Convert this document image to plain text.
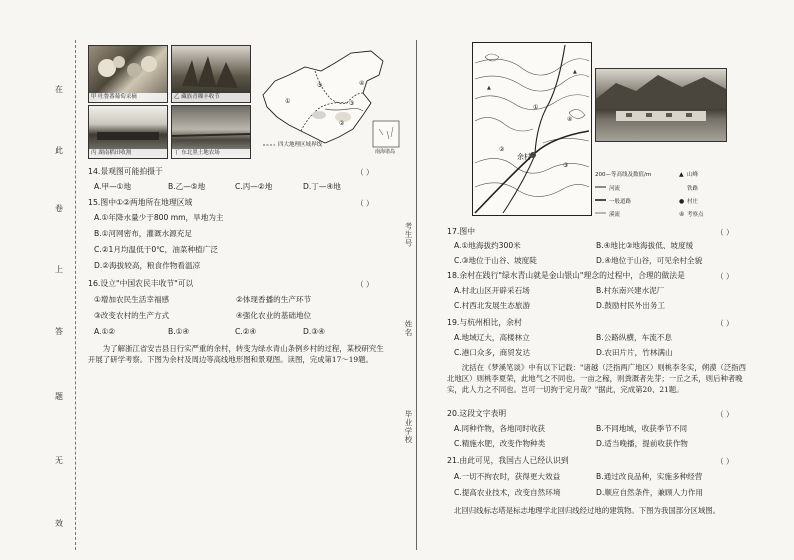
在
此
卷
上
答
题
无
效
考生号
姓名
毕业学校
甲 吐鲁番葡萄采摘	乙 藏族青稞丰收节
丙 湖南稻田收割	丁 东北黑土地农场
①
⑤
②
④
③
四大地理区域界线
南海诸岛
14.景观图可能拍摄于	（ ）
A.甲—①地	B.乙—⑤地	C.丙—②地	D.丁—④地
15.图中①②两地所在地理区域	（ ）
A.①年降水量少于800 mm，旱地为主
B.①河网密布，灌溉水源充足
C.②1月均温低于0℃，油菜种植广泛
D.②海拔较高，粮食作物看温凉
16.设立"中国农民丰收节"可以	（ ）
①增加农民生活幸福感	②体现香播的生产环节
③改变农村的生产方式	④强化农业的基础地位
A.①②	B.①④	C.②④	D.③④
为了解浙江省安吉县日行实严重的余村，转变为绿水青山条例乡村的过程，某校研究生开展了研学考察。下图为余村及周边等高线地形图和景观图。读图，完成第17～19题。
余村
①
②
③
④
▲
▲
200—等高线及数值/m	山峰
河流	铁路
一般道路	村庄
溪流	考察点
▲
●
④
17.图中	（ ）
A.①地海拔约300米	B.④地比③地海拔低、坡度缓
C.③地位于山谷、坡度陡	D.④地位于山谷，可见余村全貌
18.余村在践行"绿水青山就是金山银山"理念的过程中，合理的做法是	（ ）
A.村北山区开辟采石场	B.村东南兴建水泥厂
C.村西北发展生态旅游	D.鼓励村民外出务工
19.与杭州相比，余村	（ ）
A.地域辽大，高楼林立	B.公路纵横，车流不息
C.港口众多，商贸发达	D.农田片片，竹林满山
沈括在《梦溪笔谈》中有以下记载："诸越（泛指两广地区）则桃李冬实，朔漠（泛指西北地区）则桃李夏荣，此地气之不同也。一亩之稼，则粪溉者先芽；一丘之禾，则后种者晚实，此人力之不同也。岂可一切拘于定月哉？"据此，完成第20、21题。
20.这段文字表明	（ ）
A.同种作物，各地同时收获	B.不同地域，收获季节不同
C.精施水肥，改变作物种类	D.适当晚播，提前收获作物
21.由此可见，我国古人已经认识到	（ ）
A.一切不拘农时，获得更大效益	B.通过改良品种，实施多种经营
C.提高农业技术，改变自然环境	D.顺应自然条件，兼顾人力作用
北回归线标志塔是标志地理学北回归线经过地的建筑物。下图为我国部分区域图。
